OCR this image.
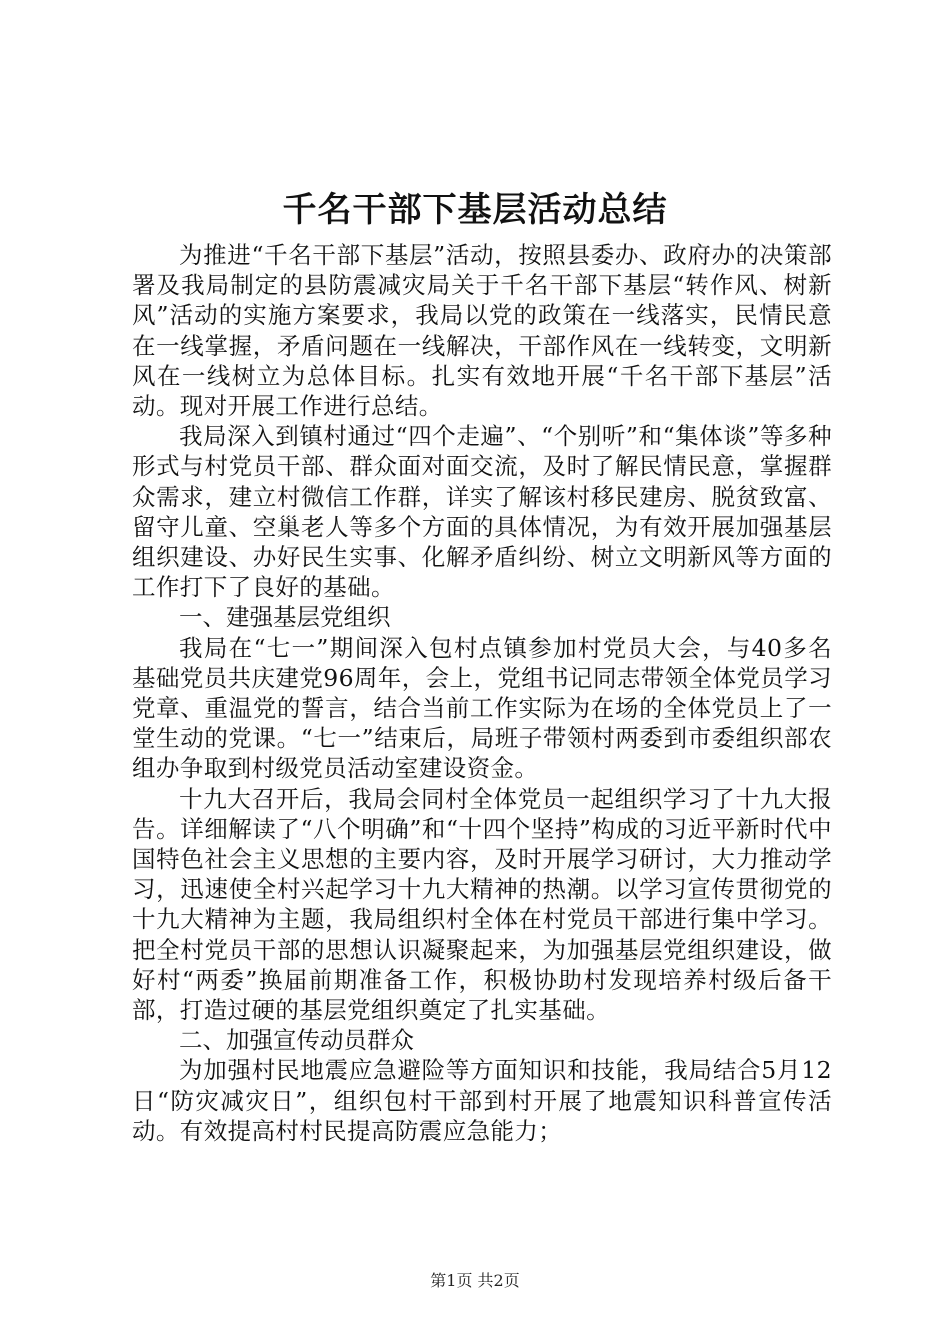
千名干部下基层活动总结

为推进“千名干部下基层”活动，按照县委办、政府办的决策部署及我局制定的县防震减灾局关于千名干部下基层“转作风、树新风”活动的实施方案要求，我局以党的政策在一线落实，民情民意在一线掌握，矛盾问题在一线解决，干部作风在一线转变，文明新风在一线树立为总体目标。扎实有效地开展“千名干部下基层”活动。现对开展工作进行总结。

我局深入到镇村通过“四个走遍”、“个别听”和“集体谈”等多种形式与村党员干部、群众面对面交流，及时了解民情民意，掌握群众需求，建立村微信工作群，详实了解该村移民建房、脱贫致富、留守儿童、空巢老人等多个方面的具体情况，为有效开展加强基层组织建设、办好民生实事、化解矛盾纠纷、树立文明新风等方面的工作打下了良好的基础。

一、建强基层党组织

我局在“七一”期间深入包村点镇参加村党员大会，与40多名基础党员共庆建党96周年，会上，党组书记同志带领全体党员学习党章、重温党的誓言，结合当前工作实际为在场的全体党员上了一堂生动的党课。“七一”结束后，局班子带领村两委到市委组织部农组办争取到村级党员活动室建设资金。

十九大召开后，我局会同村全体党员一起组织学习了十九大报告。详细解读了“八个明确”和“十四个坚持”构成的习近平新时代中国特色社会主义思想的主要内容，及时开展学习研讨，大力推动学习，迅速使全村兴起学习十九大精神的热潮。以学习宣传贯彻党的十九大精神为主题，我局组织村全体在村党员干部进行集中学习。把全村党员干部的思想认识凝聚起来，为加强基层党组织建设，做好村“两委”换届前期准备工作，积极协助村发现培养村级后备干部，打造过硬的基层党组织奠定了扎实基础。

二、加强宣传动员群众

为加强村民地震应急避险等方面知识和技能，我局结合5月12日“防灾减灾日”，组织包村干部到村开展了地震知识科普宣传活动。有效提高村村民提高防震应急能力；

第1页 共2页
